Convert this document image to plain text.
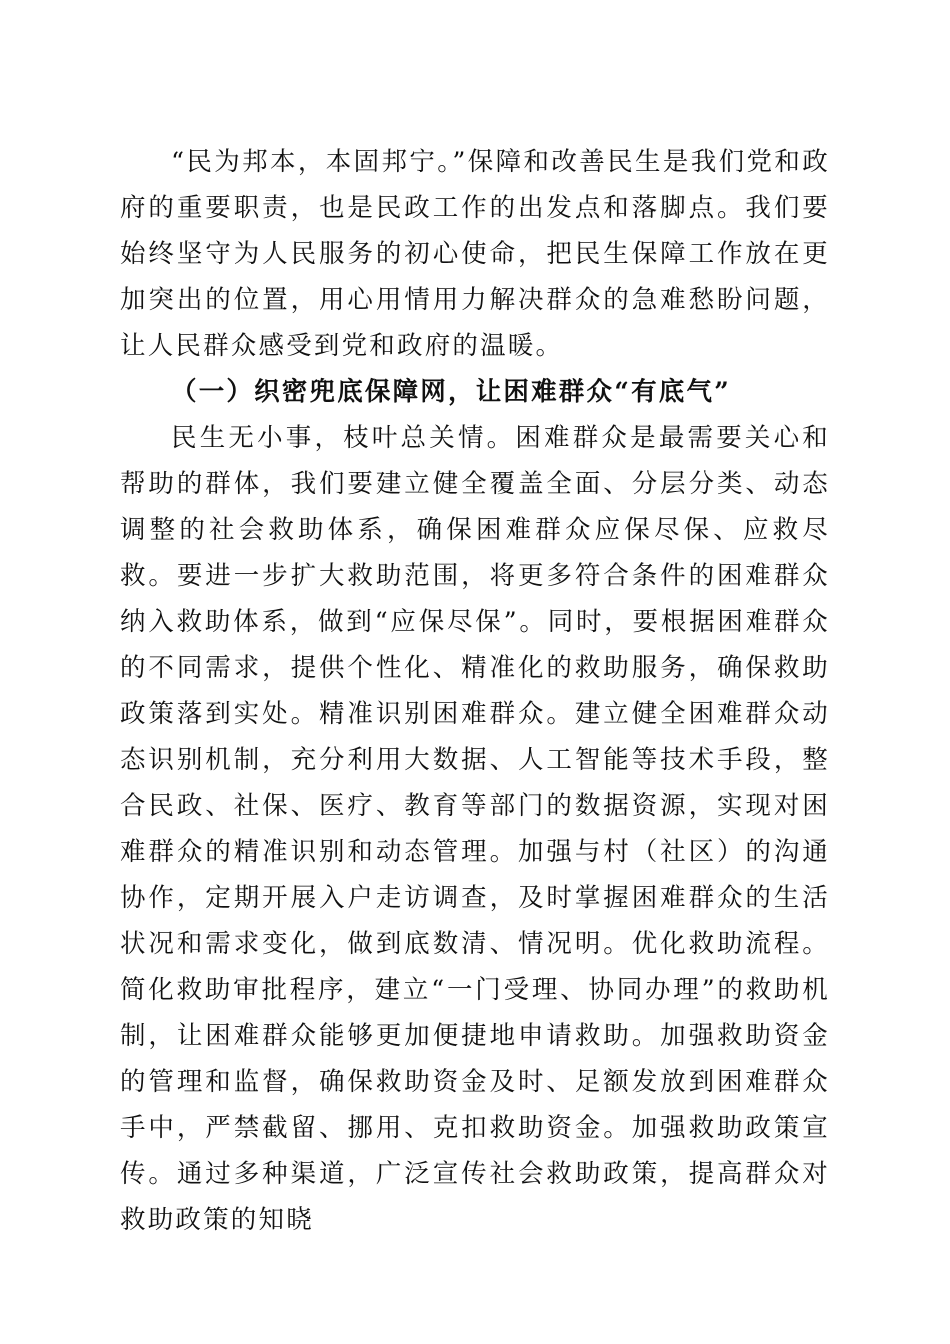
“民为邦本，本固邦宁。”保障和改善民生是我们党和政府的重要职责，也是民政工作的出发点和落脚点。我们要始终坚守为人民服务的初心使命，把民生保障工作放在更加突出的位置，用心用情用力解决群众的急难愁盼问题，让人民群众感受到党和政府的温暖。

（一）织密兜底保障网，让困难群众“有底气”

民生无小事，枝叶总关情。困难群众是最需要关心和帮助的群体，我们要建立健全覆盖全面、分层分类、动态调整的社会救助体系，确保困难群众应保尽保、应救尽救。要进一步扩大救助范围，将更多符合条件的困难群众纳入救助体系，做到“应保尽保”。同时，要根据困难群众的不同需求，提供个性化、精准化的救助服务，确保救助政策落到实处。精准识别困难群众。建立健全困难群众动态识别机制，充分利用大数据、人工智能等技术手段，整合民政、社保、医疗、教育等部门的数据资源，实现对困难群众的精准识别和动态管理。加强与村（社区）的沟通协作，定期开展入户走访调查，及时掌握困难群众的生活状况和需求变化，做到底数清、情况明。优化救助流程。简化救助审批程序，建立“一门受理、协同办理”的救助机制，让困难群众能够更加便捷地申请救助。加强救助资金的管理和监督，确保救助资金及时、足额发放到困难群众手中，严禁截留、挪用、克扣救助资金。加强救助政策宣传。通过多种渠道，广泛宣传社会救助政策，提高群众对救助政策的知晓
